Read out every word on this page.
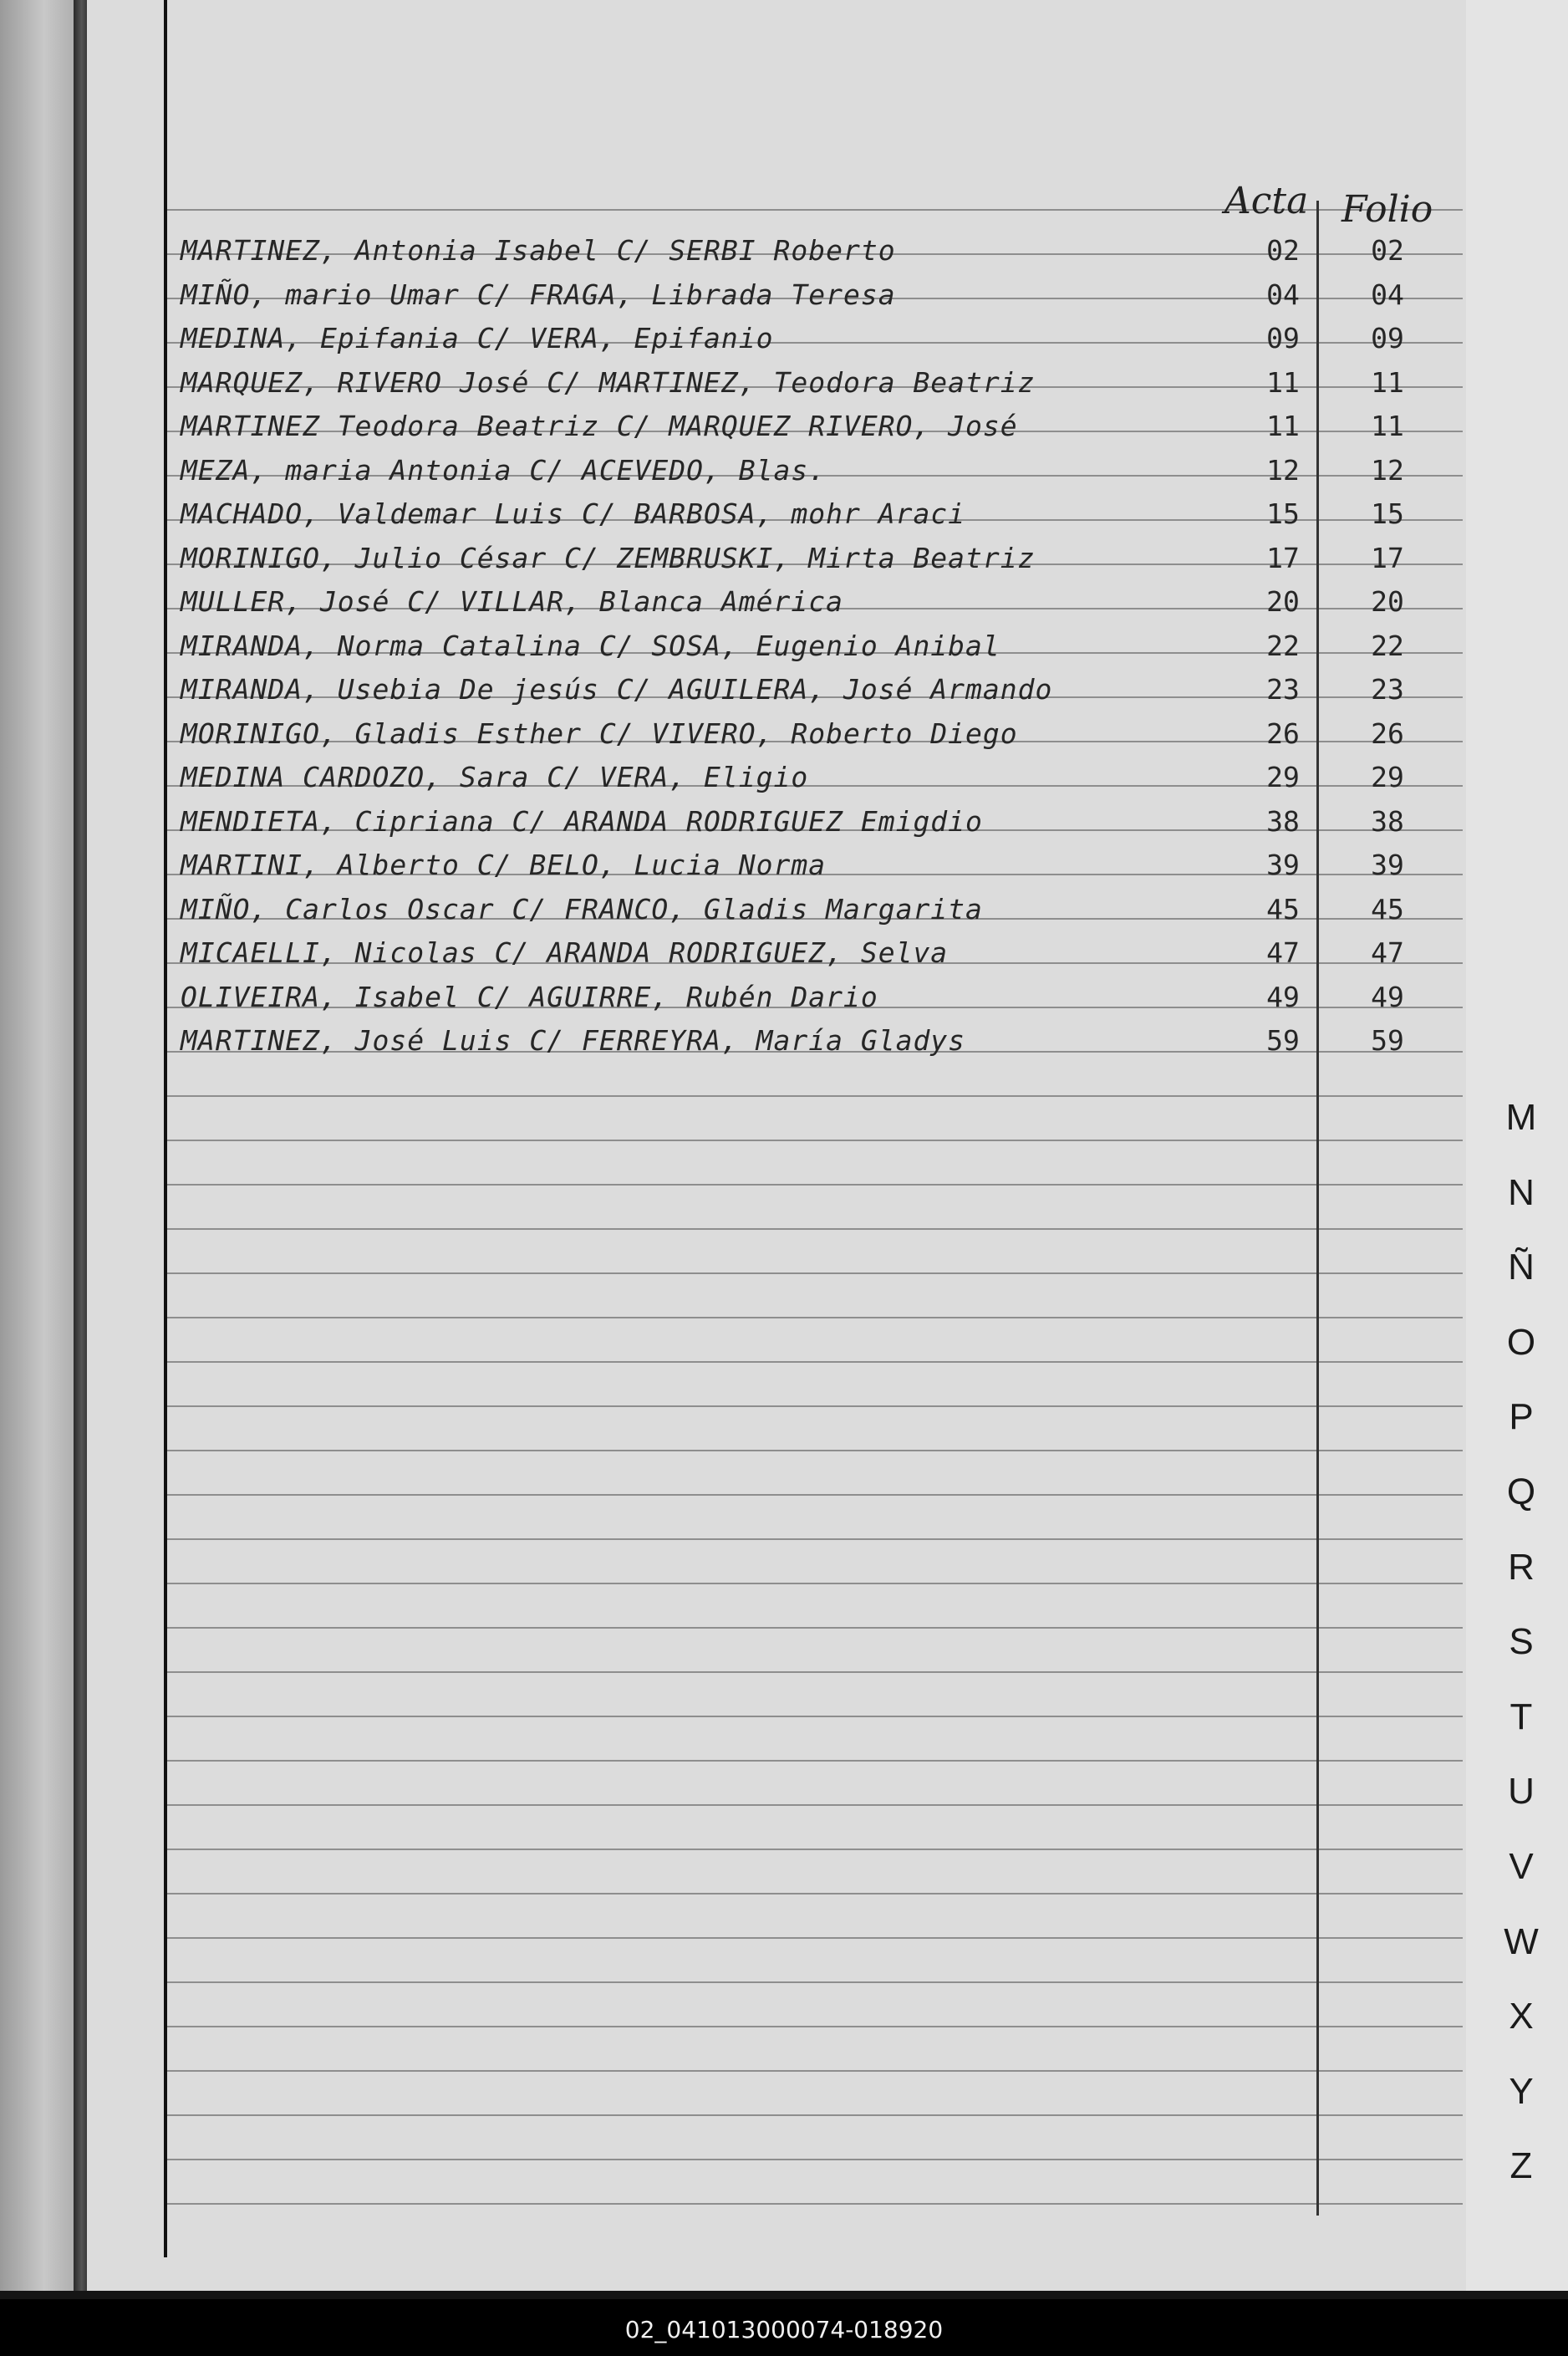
Acta Folio
MARTINEZ, Antonia Isabel C/ SERBI Roberto	02	02
MIÑO, mario Umar C/ FRAGA, Librada Teresa	04	04
MEDINA, Epifania C/ VERA, Epifanio	09	09
MARQUEZ, RIVERO José C/ MARTINEZ, Teodora Beatriz	11	11
MARTINEZ Teodora Beatriz C/ MARQUEZ RIVERO, José	11	11
MEZA, maria Antonia C/ ACEVEDO, Blas.	12	12
MACHADO, Valdemar Luis C/ BARBOSA, mohr Araci	15	15
MORINIGO, Julio César C/ ZEMBRUSKI, Mirta Beatriz	17	17
MULLER, José C/ VILLAR, Blanca América	20	20
MIRANDA, Norma Catalina C/ SOSA, Eugenio Anibal	22	22
MIRANDA, Usebia De jesús C/ AGUILERA, José Armando	23	23
MORINIGO, Gladis Esther C/ VIVERO, Roberto Diego	26	26
MEDINA CARDOZO, Sara C/ VERA, Eligio	29	29
MENDIETA, Cipriana C/ ARANDA RODRIGUEZ Emigdio	38	38
MARTINI, Alberto C/ BELO, Lucia Norma	39	39
MIÑO, Carlos Oscar C/ FRANCO, Gladis Margarita	45	45
MICAELLI, Nicolas C/ ARANDA RODRIGUEZ, Selva	47	47
OLIVEIRA, Isabel C/ AGUIRRE, Rubén Dario	49	49
MARTINEZ, José Luis C/ FERREYRA, María Gladys	59	59
M
N
Ñ
O
P
Q
R
S
T
U
V
W
X
Y
Z
02_041013000074-018920
